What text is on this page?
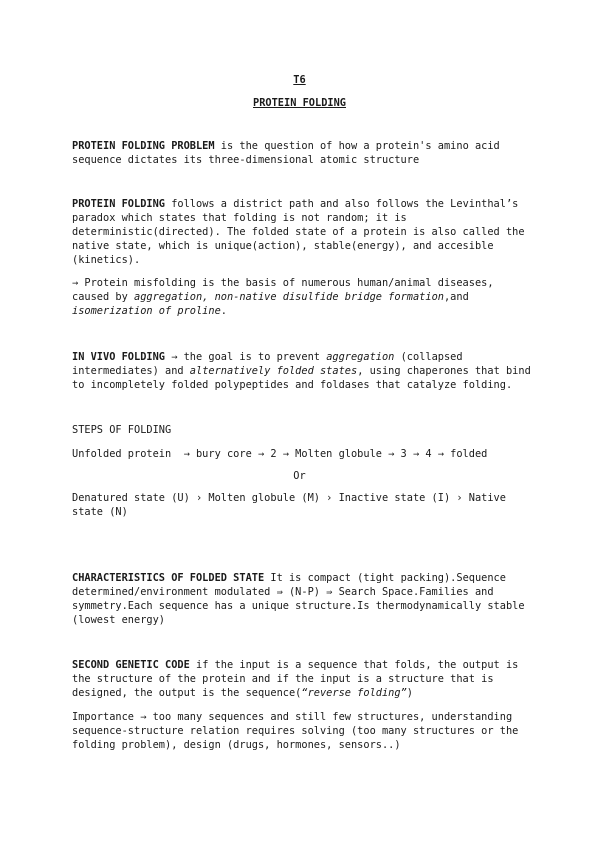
T6

PROTEIN FOLDING

PROTEIN FOLDING PROBLEM is the question of how a protein's amino acid
sequence dictates its three-dimensional atomic structure
PROTEIN FOLDING follows a district path and also follows the Levinthal’s
paradox which states that folding is not random; it is
deterministic(directed). The folded state of a protein is also called the
native state, which is unique(action), stable(energy), and accesible
(kinetics).
→ Protein misfolding is the basis of numerous human/animal diseases,
caused by aggregation, non-native disulfide bridge formation,and
isomerization of proline.
IN VIVO FOLDING → the goal is to prevent aggregation (collapsed
intermediates) and alternatively folded states, using chaperones that bind
to incompletely folded polypeptides and foldases that catalyze folding.
STEPS OF FOLDING
Unfolded protein  → bury core → 2 → Molten globule → 3 → 4 → folded

Or

Denatured state (U) › Molten globule (M) › Inactive state (I) › Native
state (N)
CHARACTERISTICS OF FOLDED STATE It is compact (tight packing).Sequence
determined/environment modulated ⇛ (N-P) ⇛ Search Space.Families and
symmetry.Each sequence has a unique structure.Is thermodynamically stable
(lowest energy)
SECOND GENETIC CODE if the input is a sequence that folds, the output is
the structure of the protein and if the input is a structure that is
designed, the output is the sequence(“reverse folding”)
Importance → too many sequences and still few structures, understanding
sequence-structure relation requires solving (too many structures or the
folding problem), design (drugs, hormones, sensors..)
